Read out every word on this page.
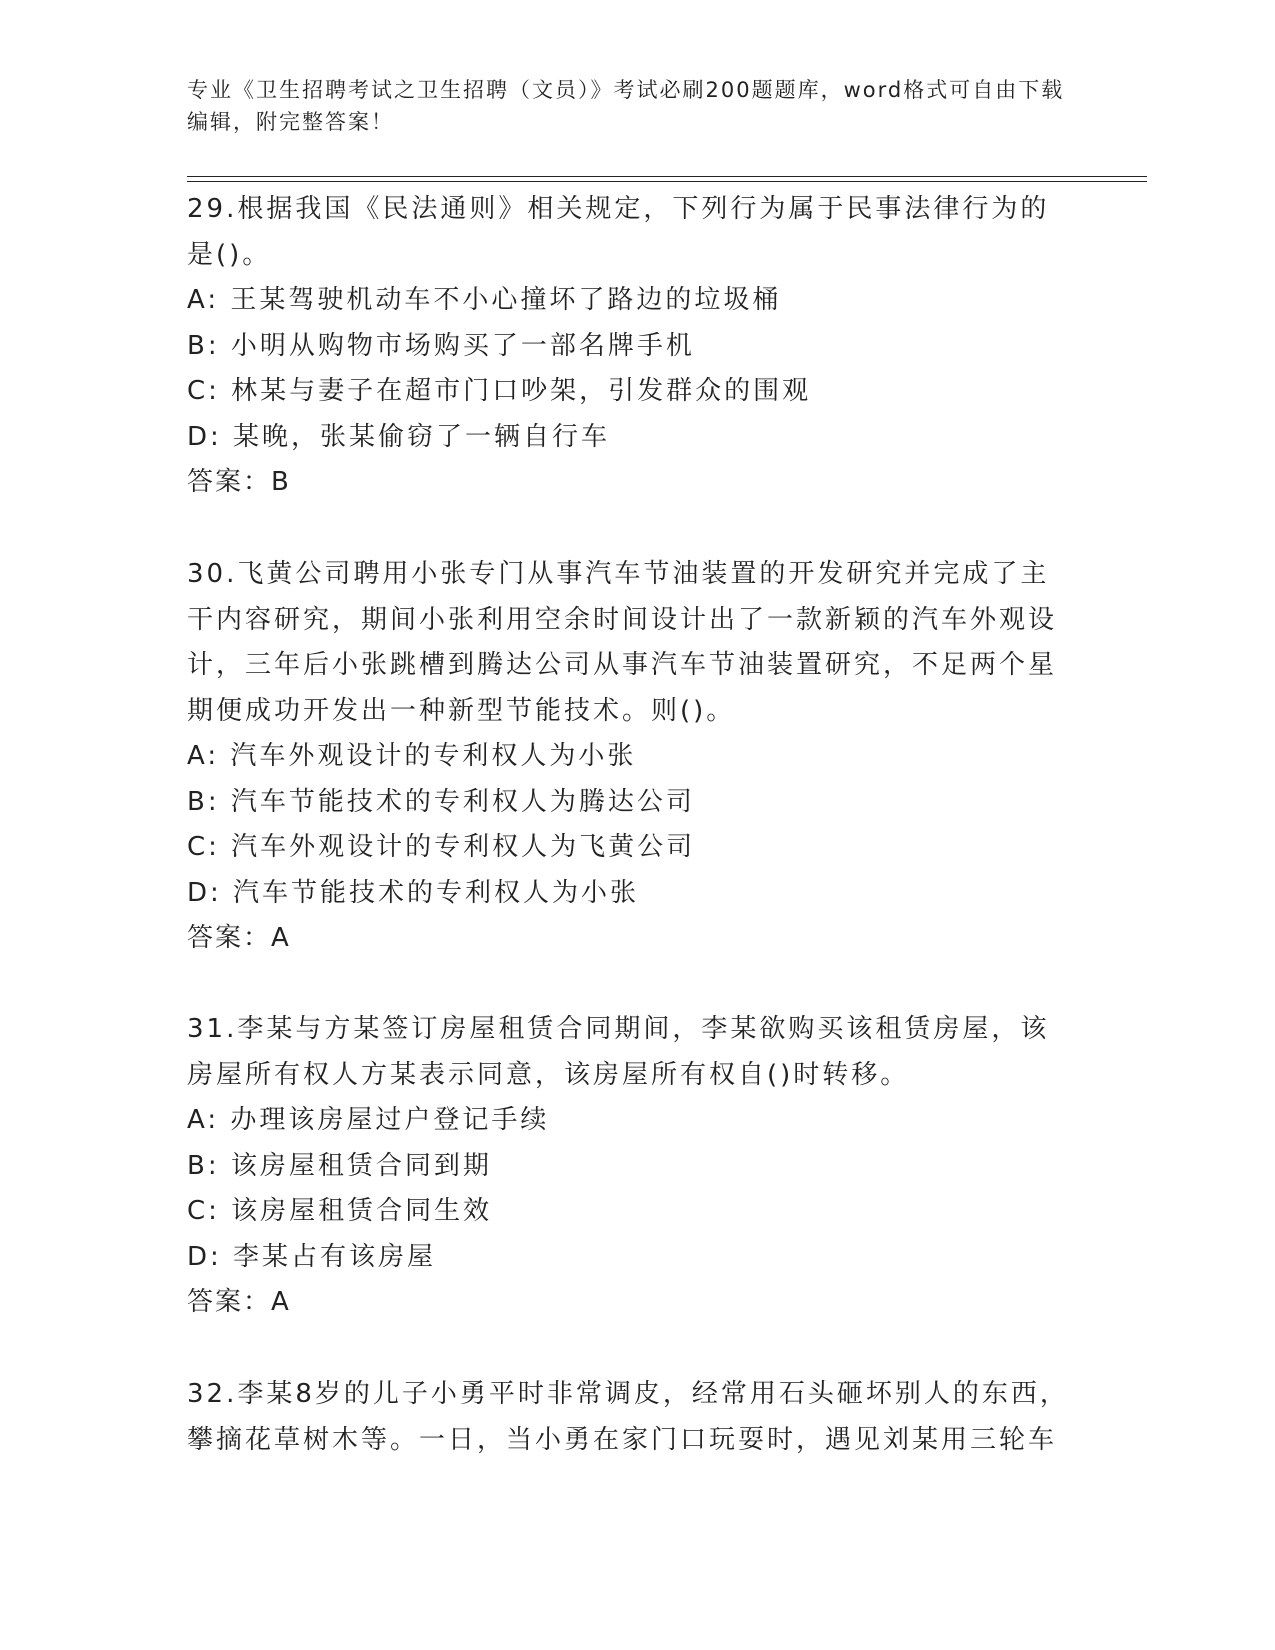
专业《卫生招聘考试之卫生招聘（文员）》考试必刷200题题库，word格式可自由下载编辑，附完整答案！

29.根据我国《民法通则》相关规定，下列行为属于民事法律行为的是()。

A: 王某驾驶机动车不小心撞坏了路边的垃圾桶

B: 小明从购物市场购买了一部名牌手机

C: 林某与妻子在超市门口吵架，引发群众的围观

D: 某晚，张某偷窃了一辆自行车

答案：B

30.飞黄公司聘用小张专门从事汽车节油装置的开发研究并完成了主干内容研究，期间小张利用空余时间设计出了一款新颖的汽车外观设计，三年后小张跳槽到腾达公司从事汽车节油装置研究，不足两个星期便成功开发出一种新型节能技术。则()。

A: 汽车外观设计的专利权人为小张

B: 汽车节能技术的专利权人为腾达公司

C: 汽车外观设计的专利权人为飞黄公司

D: 汽车节能技术的专利权人为小张

答案：A

31.李某与方某签订房屋租赁合同期间，李某欲购买该租赁房屋，该房屋所有权人方某表示同意，该房屋所有权自()时转移。

A: 办理该房屋过户登记手续

B: 该房屋租赁合同到期

C: 该房屋租赁合同生效

D: 李某占有该房屋

答案：A

32.李某8岁的儿子小勇平时非常调皮，经常用石头砸坏别人的东西，攀摘花草树木等。一日，当小勇在家门口玩耍时，遇见刘某用三轮车
